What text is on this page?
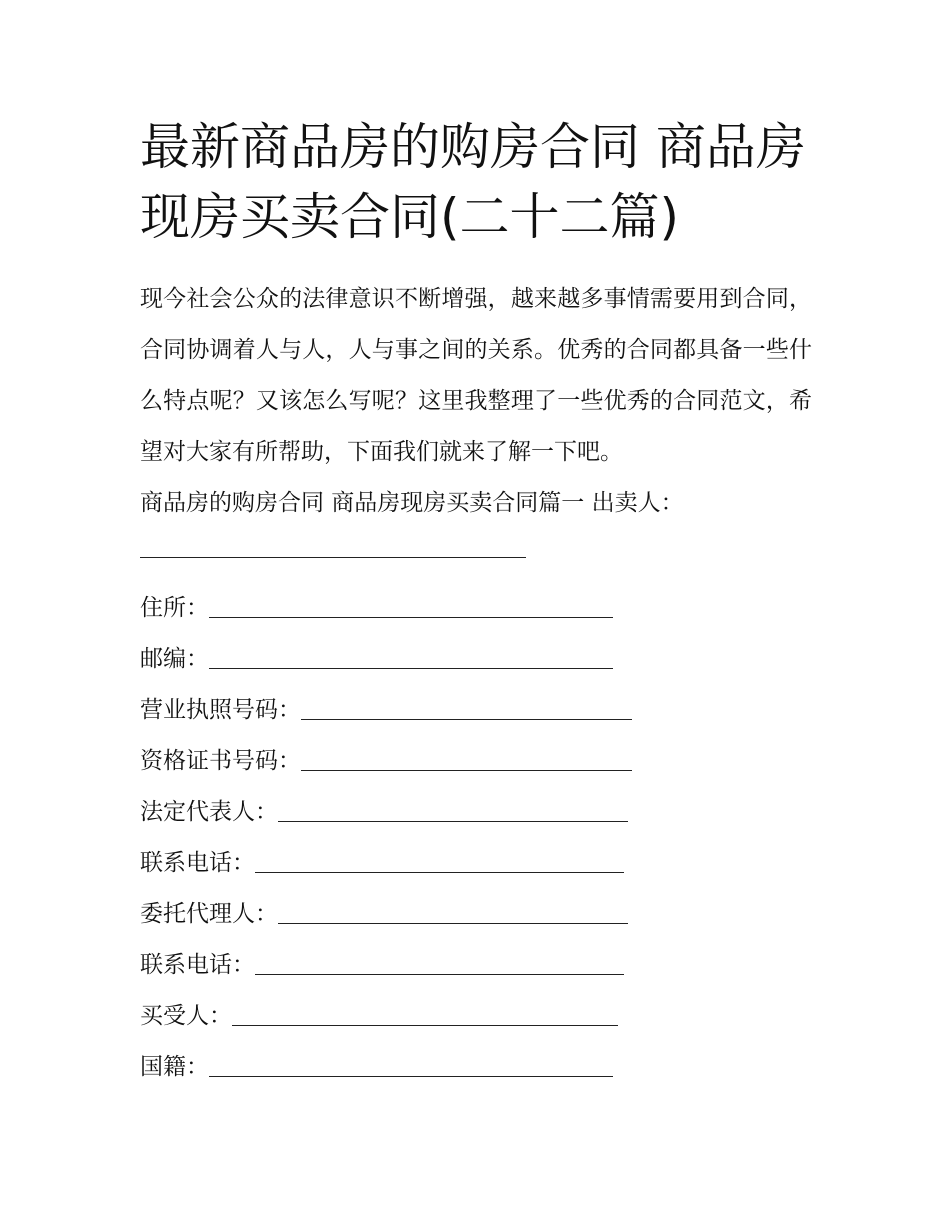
最新商品房的购房合同 商品房
现房买卖合同(二十二篇)

现今社会公众的法律意识不断增强，越来越多事情需要用到合同，合同协调着人与人，人与事之间的关系。优秀的合同都具备一些什么特点呢？又该怎么写呢？这里我整理了一些优秀的合同范文，希望对大家有所帮助，下面我们就来了解一下吧。
商品房的购房合同 商品房现房买卖合同篇一 出卖人：

住所：
邮编：
营业执照号码：
资格证书号码：
法定代表人：
联系电话：
委托代理人：
联系电话：
买受人：
国籍：
